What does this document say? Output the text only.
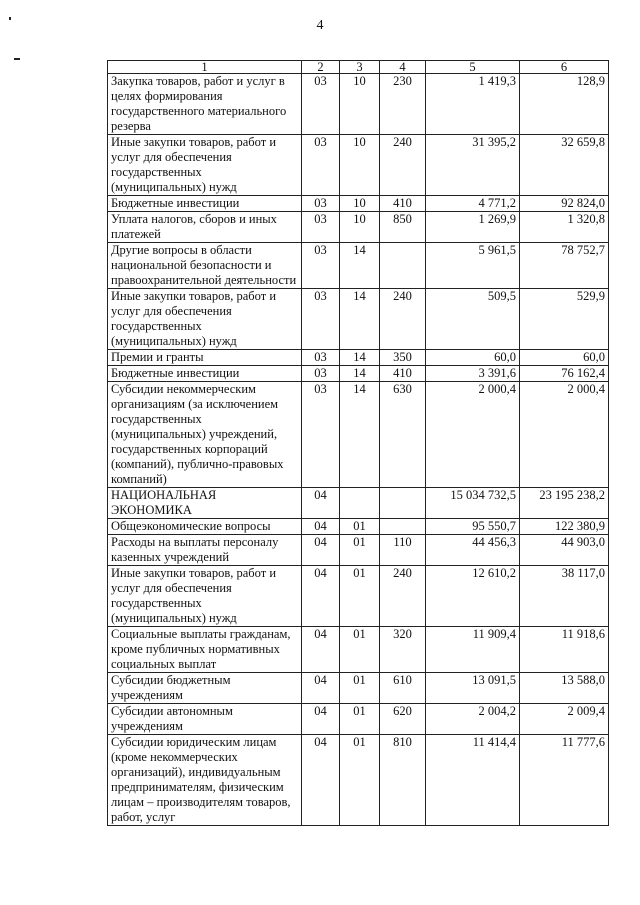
4
1	2	3	4	5	6
Закупка товаров, работ и услуг в целях формирования государственного материального резерва	03	10	230	1 419,3	128,9
Иные закупки товаров, работ и услуг для обеспечения государственных (муниципальных) нужд	03	10	240	31 395,2	32 659,8
Бюджетные инвестиции	03	10	410	4 771,2	92 824,0
Уплата налогов, сборов и иных платежей	03	10	850	1 269,9	1 320,8
Другие вопросы в области национальной безопасности и правоохранительной деятельности	03	14		5 961,5	78 752,7
Иные закупки товаров, работ и услуг для обеспечения государственных (муниципальных) нужд	03	14	240	509,5	529,9
Премии и гранты	03	14	350	60,0	60,0
Бюджетные инвестиции	03	14	410	3 391,6	76 162,4
Субсидии некоммерческим организациям (за исключением государственных (муниципальных) учреждений, государственных корпораций (компаний), публично-правовых компаний)	03	14	630	2 000,4	2 000,4
НАЦИОНАЛЬНАЯ ЭКОНОМИКА	04			15 034 732,5	23 195 238,2
Общеэкономические вопросы	04	01		95 550,7	122 380,9
Расходы на выплаты персоналу казенных учреждений	04	01	110	44 456,3	44 903,0
Иные закупки товаров, работ и услуг для обеспечения государственных (муниципальных) нужд	04	01	240	12 610,2	38 117,0
Социальные выплаты гражданам, кроме публичных нормативных социальных выплат	04	01	320	11 909,4	11 918,6
Субсидии бюджетным учреждениям	04	01	610	13 091,5	13 588,0
Субсидии автономным учреждениям	04	01	620	2 004,2	2 009,4
Субсидии юридическим лицам (кроме некоммерческих организаций), индивидуальным предпринимателям, физическим лицам – производителям товаров, работ, услуг	04	01	810	11 414,4	11 777,6
